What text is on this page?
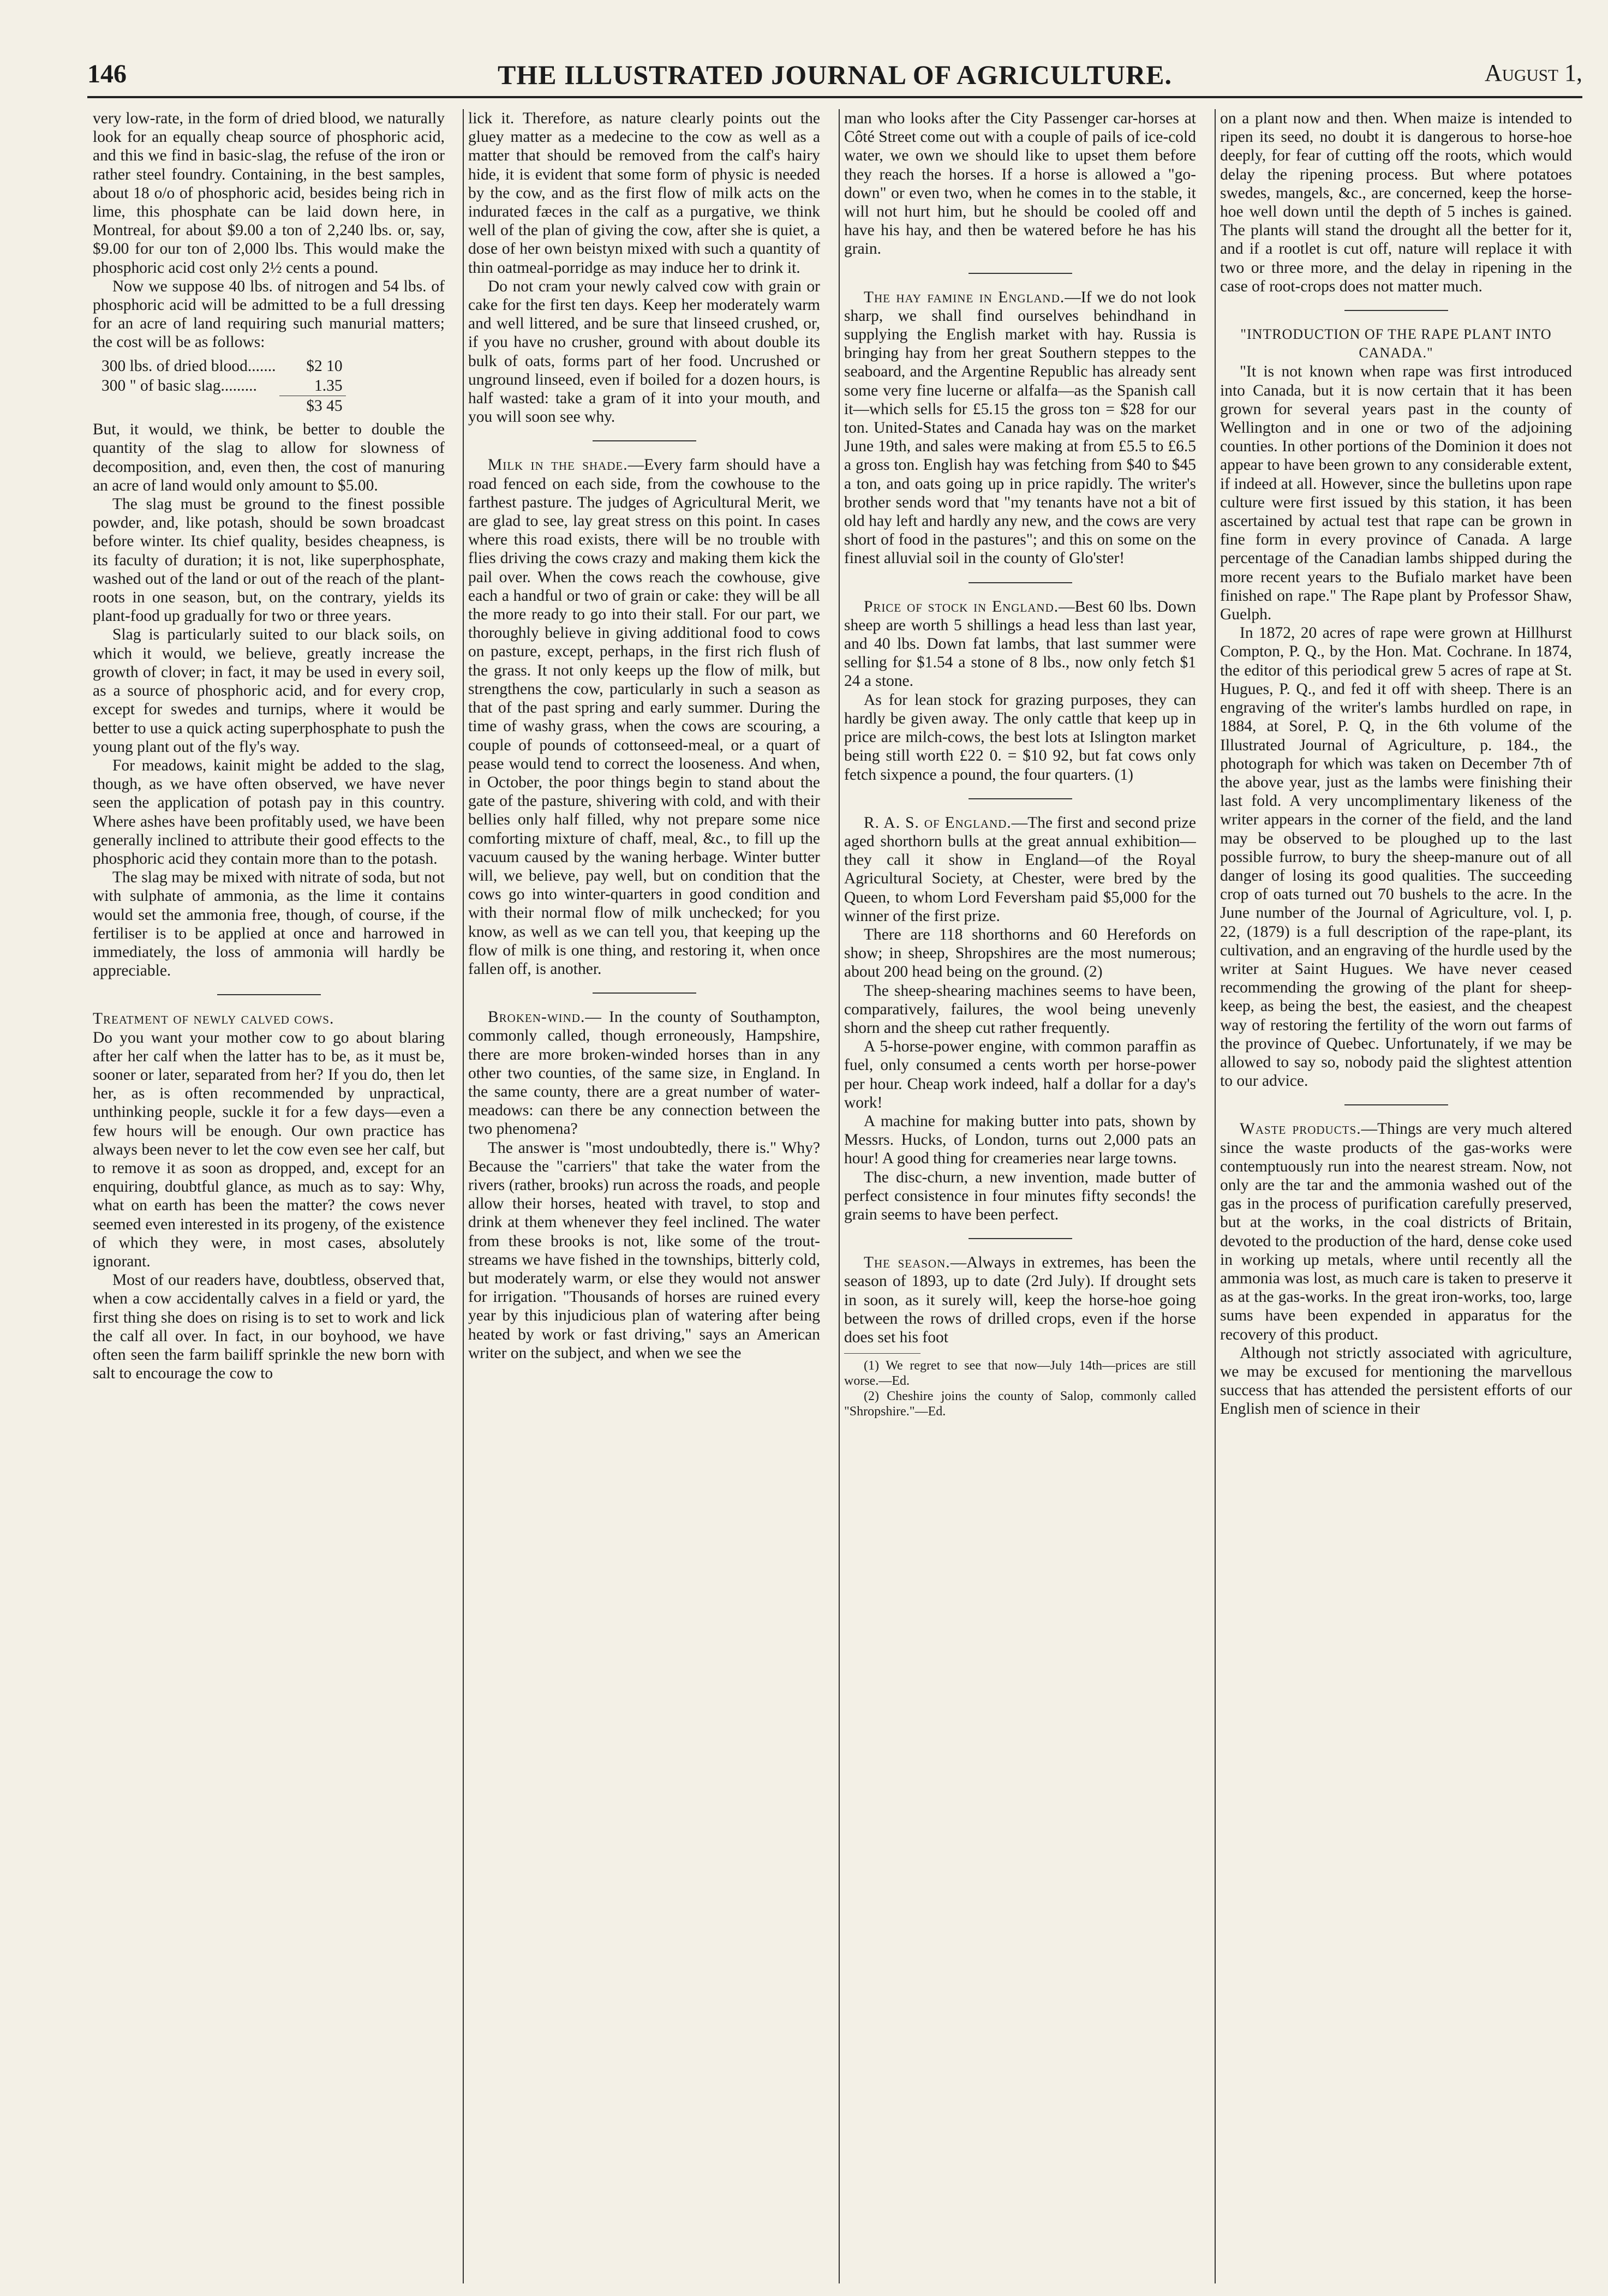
146	THE ILLUSTRATED JOURNAL OF AGRICULTURE.	August 1,

very low-rate, in the form of dried blood, we naturally look for an equally cheap source of phosphoric acid, and this we find in basic-slag, the refuse of the iron or rather steel foundry. Containing, in the best samples, about 18 o/o of phosphoric acid, besides being rich in lime, this phosphate can be laid down here, in Montreal, for about $9.00 a ton of 2,240 lbs. or, say, $9.00 for our ton of 2,000 lbs. This would make the phosphoric acid cost only 2½ cents a pound.

Now we suppose 40 lbs. of nitrogen and 54 lbs. of phosphoric acid will be admitted to be a full dressing for an acre of land requiring such manurial matters; the cost will be as follows:

300 lbs. of dried blood.......	$2 10
300 " of basic slag.........	1.35
	$3 45

But, it would, we think, be better to double the quantity of the slag to allow for slowness of decomposition, and, even then, the cost of manuring an acre of land would only amount to $5.00.

The slag must be ground to the finest possible powder, and, like potash, should be sown broadcast before winter. Its chief quality, besides cheapness, is its faculty of duration; it is not, like superphosphate, washed out of the land or out of the reach of the plant-roots in one season, but, on the contrary, yields its plant-food up gradually for two or three years.

Slag is particularly suited to our black soils, on which it would, we believe, greatly increase the growth of clover; in fact, it may be used in every soil, as a source of phosphoric acid, and for every crop, except for swedes and turnips, where it would be better to use a quick acting superphosphate to push the young plant out of the fly's way.

For meadows, kainit might be added to the slag, though, as we have often observed, we have never seen the application of potash pay in this country. Where ashes have been profitably used, we have been generally inclined to attribute their good effects to the phosphoric acid they contain more than to the potash.

The slag may be mixed with nitrate of soda, but not with sulphate of ammonia, as the lime it contains would set the ammonia free, though, of course, if the fertiliser is to be applied at once and harrowed in immediately, the loss of ammonia will hardly be appreciable.

Treatment of newly calved cows.

Do you want your mother cow to go about blaring after her calf when the latter has to be, as it must be, sooner or later, separated from her? If you do, then let her, as is often recommended by unpractical, unthinking people, suckle it for a few days—even a few hours will be enough. Our own practice has always been never to let the cow even see her calf, but to remove it as soon as dropped, and, except for an enquiring, doubtful glance, as much as to say: Why, what on earth has been the matter? the cows never seemed even interested in its progeny, of the existence of which they were, in most cases, absolutely ignorant.

Most of our readers have, doubtless, observed that, when a cow accidentally calves in a field or yard, the first thing she does on rising is to set to work and lick the calf all over. In fact, in our boyhood, we have often seen the farm bailiff sprinkle the new born with salt to encourage the cow to

lick it. Therefore, as nature clearly points out the gluey matter as a medecine to the cow as well as a matter that should be removed from the calf's hairy hide, it is evident that some form of physic is needed by the cow, and as the first flow of milk acts on the indurated fæces in the calf as a purgative, we think well of the plan of giving the cow, after she is quiet, a dose of her own beistyn mixed with such a quantity of thin oatmeal-porridge as may induce her to drink it.

Do not cram your newly calved cow with grain or cake for the first ten days. Keep her moderately warm and well littered, and be sure that linseed crushed, or, if you have no crusher, ground with about double its bulk of oats, forms part of her food. Uncrushed or unground linseed, even if boiled for a dozen hours, is half wasted: take a gram of it into your mouth, and you will soon see why.

Milk in the shade.—Every farm should have a road fenced on each side, from the cowhouse to the farthest pasture. The judges of Agricultural Merit, we are glad to see, lay great stress on this point. In cases where this road exists, there will be no trouble with flies driving the cows crazy and making them kick the pail over. When the cows reach the cowhouse, give each a handful or two of grain or cake: they will be all the more ready to go into their stall. For our part, we thoroughly believe in giving additional food to cows on pasture, except, perhaps, in the first rich flush of the grass. It not only keeps up the flow of milk, but strengthens the cow, particularly in such a season as that of the past spring and early summer. During the time of washy grass, when the cows are scouring, a couple of pounds of cottonseed-meal, or a quart of pease would tend to correct the looseness. And when, in October, the poor things begin to stand about the gate of the pasture, shivering with cold, and with their bellies only half filled, why not prepare some nice comforting mixture of chaff, meal, &c., to fill up the vacuum caused by the waning herbage. Winter butter will, we believe, pay well, but on condition that the cows go into winter-quarters in good condition and with their normal flow of milk unchecked; for you know, as well as we can tell you, that keeping up the flow of milk is one thing, and restoring it, when once fallen off, is another.

Broken-wind.— In the county of Southampton, commonly called, though erroneously, Hampshire, there are more broken-winded horses than in any other two counties, of the same size, in England. In the same county, there are a great number of water-meadows: can there be any connection between the two phenomena?

The answer is "most undoubtedly, there is." Why? Because the "carriers" that take the water from the rivers (rather, brooks) run across the roads, and people allow their horses, heated with travel, to stop and drink at them whenever they feel inclined. The water from these brooks is not, like some of the trout-streams we have fished in the townships, bitterly cold, but moderately warm, or else they would not answer for irrigation. "Thousands of horses are ruined every year by this injudicious plan of watering after being heated by work or fast driving," says an American writer on the subject, and when we see the

man who looks after the City Passenger car-horses at Côté Street come out with a couple of pails of ice-cold water, we own we should like to upset them before they reach the horses. If a horse is allowed a "go-down" or even two, when he comes in to the stable, it will not hurt him, but he should be cooled off and have his hay, and then be watered before he has his grain.

The hay famine in England.—If we do not look sharp, we shall find ourselves behindhand in supplying the English market with hay. Russia is bringing hay from her great Southern steppes to the seaboard, and the Argentine Republic has already sent some very fine lucerne or alfalfa—as the Spanish call it—which sells for £5.15 the gross ton = $28 for our ton. United-States and Canada hay was on the market June 19th, and sales were making at from £5.5 to £6.5 a gross ton. English hay was fetching from $40 to $45 a ton, and oats going up in price rapidly. The writer's brother sends word that "my tenants have not a bit of old hay left and hardly any new, and the cows are very short of food in the pastures"; and this on some on the finest alluvial soil in the county of Glo'ster!

Price of stock in England.—Best 60 lbs. Down sheep are worth 5 shillings a head less than last year, and 40 lbs. Down fat lambs, that last summer were selling for $1.54 a stone of 8 lbs., now only fetch $1 24 a stone.

As for lean stock for grazing purposes, they can hardly be given away. The only cattle that keep up in price are milch-cows, the best lots at Islington market being still worth £22 0. = $10 92, but fat cows only fetch sixpence a pound, the four quarters. (1)

R. A. S. of England.—The first and second prize aged shorthorn bulls at the great annual exhibition—they call it show in England—of the Royal Agricultural Society, at Chester, were bred by the Queen, to whom Lord Feversham paid $5,000 for the winner of the first prize.

There are 118 shorthorns and 60 Herefords on show; in sheep, Shropshires are the most numerous; about 200 head being on the ground. (2)

The sheep-shearing machines seems to have been, comparatively, failures, the wool being unevenly shorn and the sheep cut rather frequently.

A 5-horse-power engine, with common paraffin as fuel, only consumed a cents worth per horse-power per hour. Cheap work indeed, half a dollar for a day's work!

A machine for making butter into pats, shown by Messrs. Hucks, of London, turns out 2,000 pats an hour! A good thing for creameries near large towns.

The disc-churn, a new invention, made butter of perfect consistence in four minutes fifty seconds! the grain seems to have been perfect.

The season.—Always in extremes, has been the season of 1893, up to date (2rd July). If drought sets in soon, as it surely will, keep the horse-hoe going between the rows of drilled crops, even if the horse does set his foot

(1) We regret to see that now—July 14th—prices are still worse.—Ed.

(2) Cheshire joins the county of Salop, commonly called "Shropshire."—Ed.

on a plant now and then. When maize is intended to ripen its seed, no doubt it is dangerous to horse-hoe deeply, for fear of cutting off the roots, which would delay the ripening process. But where potatoes swedes, mangels, &c., are concerned, keep the horse-hoe well down until the depth of 5 inches is gained. The plants will stand the drought all the better for it, and if a rootlet is cut off, nature will replace it with two or three more, and the delay in ripening in the case of root-crops does not matter much.

"INTRODUCTION OF THE RAPE PLANT INTO CANADA."

"It is not known when rape was first introduced into Canada, but it is now certain that it has been grown for several years past in the county of Wellington and in one or two of the adjoining counties. In other portions of the Dominion it does not appear to have been grown to any considerable extent, if indeed at all. However, since the bulletins upon rape culture were first issued by this station, it has been ascertained by actual test that rape can be grown in fine form in every province of Canada. A large percentage of the Canadian lambs shipped during the more recent years to the Bufialo market have been finished on rape." The Rape plant by Professor Shaw, Guelph.

In 1872, 20 acres of rape were grown at Hillhurst Compton, P. Q., by the Hon. Mat. Cochrane. In 1874, the editor of this periodical grew 5 acres of rape at St. Hugues, P. Q., and fed it off with sheep. There is an engraving of the writer's lambs hurdled on rape, in 1884, at Sorel, P. Q, in the 6th volume of the Illustrated Journal of Agriculture, p. 184., the photograph for which was taken on December 7th of the above year, just as the lambs were finishing their last fold. A very uncomplimentary likeness of the writer appears in the corner of the field, and the land may be observed to be ploughed up to the last possible furrow, to bury the sheep-manure out of all danger of losing its good qualities. The succeeding crop of oats turned out 70 bushels to the acre. In the June number of the Journal of Agriculture, vol. I, p. 22, (1879) is a full description of the rape-plant, its cultivation, and an engraving of the hurdle used by the writer at Saint Hugues. We have never ceased recommending the growing of the plant for sheep-keep, as being the best, the easiest, and the cheapest way of restoring the fertility of the worn out farms of the province of Quebec. Unfortunately, if we may be allowed to say so, nobody paid the slightest attention to our advice.

Waste products.—Things are very much altered since the waste products of the gas-works were contemptuously run into the nearest stream. Now, not only are the tar and the ammonia washed out of the gas in the process of purification carefully preserved, but at the works, in the coal districts of Britain, devoted to the production of the hard, dense coke used in working up metals, where until recently all the ammonia was lost, as much care is taken to preserve it as at the gas-works. In the great iron-works, too, large sums have been expended in apparatus for the recovery of this product.

Although not strictly associated with agriculture, we may be excused for mentioning the marvellous success that has attended the persistent efforts of our English men of science in their
